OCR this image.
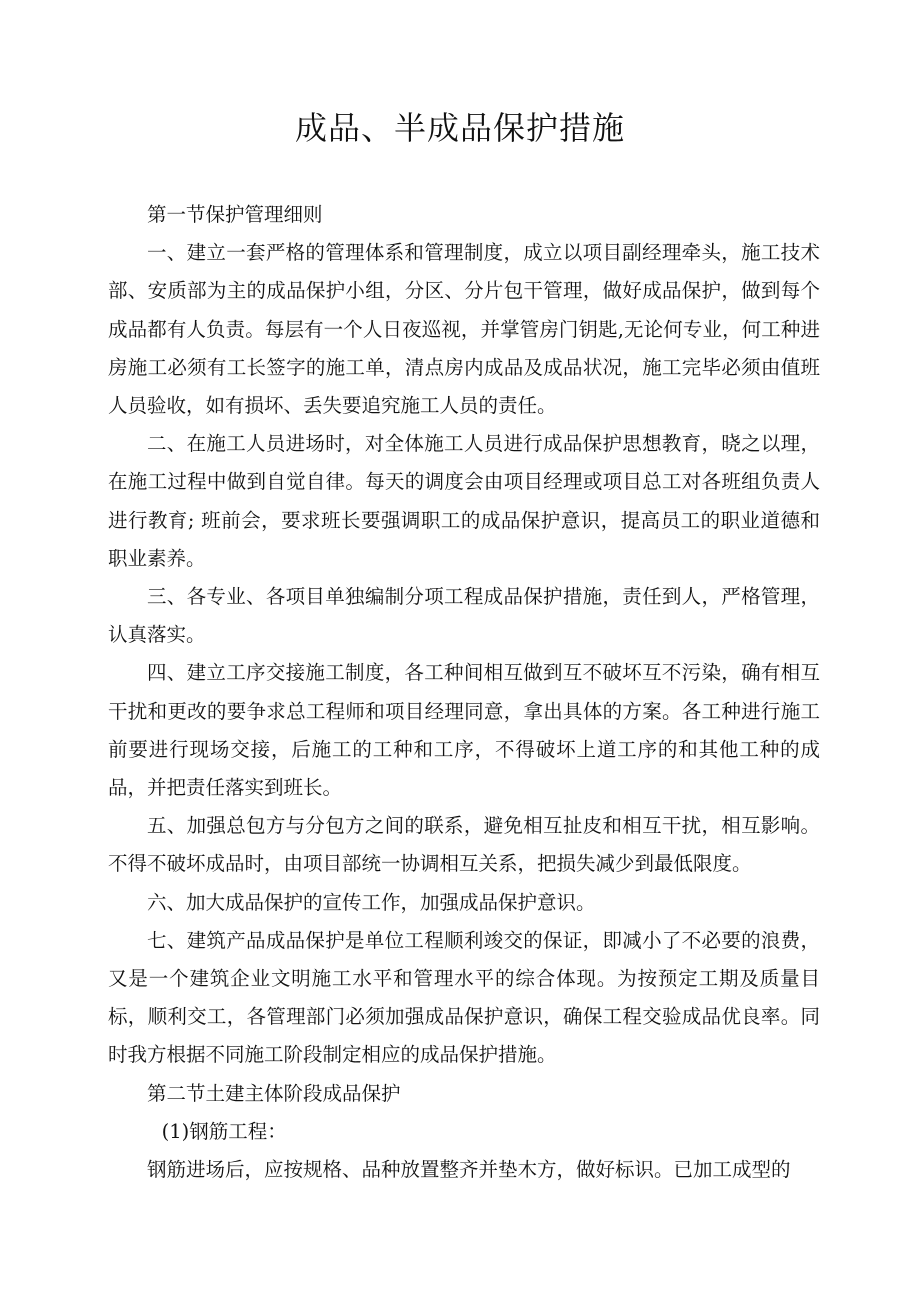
成品、半成品保护措施

第一节保护管理细则

一、建立一套严格的管理体系和管理制度，成立以项目副经理牵头，施工技术部、安质部为主的成品保护小组，分区、分片包干管理，做好成品保护，做到每个成品都有人负责。每层有一个人日夜巡视，并掌管房门钥匙,无论何专业，何工种进房施工必须有工长签字的施工单，清点房内成品及成品状况，施工完毕必须由值班人员验收，如有损坏、丢失要追究施工人员的责任。

二、在施工人员进场时，对全体施工人员进行成品保护思想教育，晓之以理，在施工过程中做到自觉自律。每天的调度会由项目经理或项目总工对各班组负责人进行教育; 班前会，要求班长要强调职工的成品保护意识，提高员工的职业道德和职业素养。

三、各专业、各项目单独编制分项工程成品保护措施，责任到人，严格管理，认真落实。

四、建立工序交接施工制度，各工种间相互做到互不破坏互不污染，确有相互干扰和更改的要争求总工程师和项目经理同意，拿出具体的方案。各工种进行施工前要进行现场交接，后施工的工种和工序，不得破坏上道工序的和其他工种的成品，并把责任落实到班长。

五、加强总包方与分包方之间的联系，避免相互扯皮和相互干扰，相互影响。不得不破坏成品时，由项目部统一协调相互关系，把损失减少到最低限度。

六、加大成品保护的宣传工作，加强成品保护意识。

七、建筑产品成品保护是单位工程顺利竣交的保证，即减小了不必要的浪费，又是一个建筑企业文明施工水平和管理水平的综合体现。为按预定工期及质量目标，顺利交工，各管理部门必须加强成品保护意识，确保工程交验成品优良率。同时我方根据不同施工阶段制定相应的成品保护措施。

第二节土建主体阶段成品保护

(1)钢筋工程：

钢筋进场后，应按规格、品种放置整齐并垫木方，做好标识。已加工成型的
